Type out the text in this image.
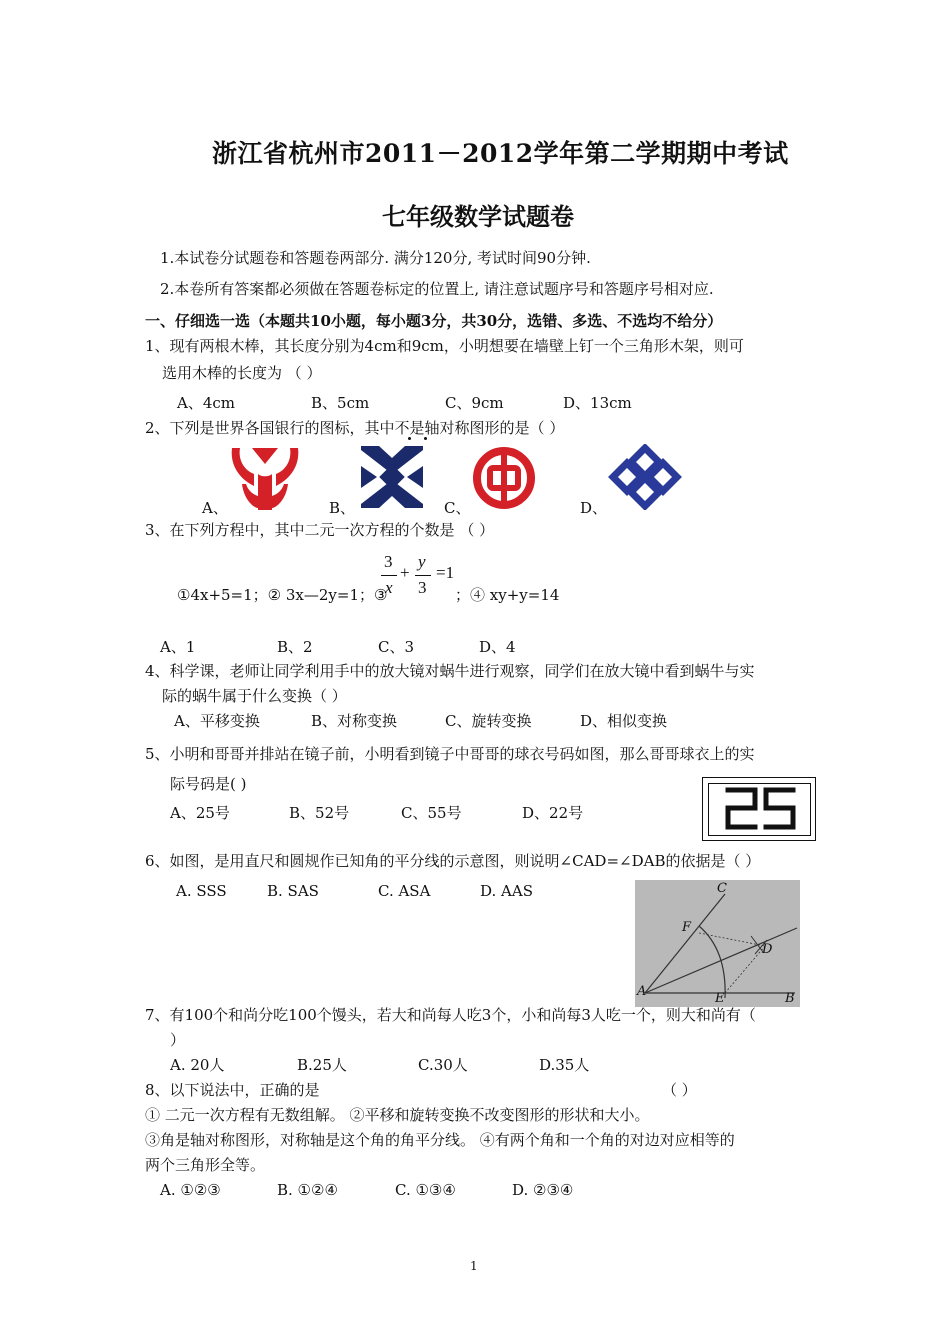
浙江省杭州市2011－2012学年第二学期期中考试
七年级数学试题卷
1.本试卷分试题卷和答题卷两部分. 满分120分, 考试时间90分钟.
2.本卷所有答案都必须做在答题卷标定的位置上, 请注意试题序号和答题序号相对应.
一、仔细选一选（本题共10小题，每小题3分，共30分，选错、多选、不选均不给分）
1、现有两根木棒，其长度分别为4cm和9cm，小明想要在墙壁上钉一个三角形木架，则可
选用木棒的长度为 （ ）
A、4cm	B、5cm	C、9cm	D、13cm
2、下列是世界各国银行的图标，其中不是轴对称图形的是（ ）
A、	B、	C、	D、
3、在下列方程中，其中二元一次方程的个数是 （ ）
①4x+5=1；② 3x—2y=1；③
3
x
+
y
3
=1
；④ xy+y=14
A、1	B、2	C、3	D、4
4、科学课，老师让同学利用手中的放大镜对蜗牛进行观察，同学们在放大镜中看到蜗牛与实
际的蜗牛属于什么变换（ ）
A、平移变换	B、对称变换	C、旋转变换	D、相似变换
5、小明和哥哥并排站在镜子前，小明看到镜子中哥哥的球衣号码如图，那么哥哥球衣上的实
际号码是( )
A、25号	B、52号	C、55号	D、22号
6、如图，是用直尺和圆规作已知角的平分线的示意图，则说明∠CAD=∠DAB的依据是（ ）
A. SSS	B. SAS	C. ASA	D. AAS	C
F
D
A	E	B
7、有100个和尚分吃100个馒头，若大和尚每人吃3个，小和尚每3人吃一个，则大和尚有（
）
A. 20人	B.25人	C.30人	D.35人
8、以下说法中，正确的是	（ ）
① 二元一次方程有无数组解。 ②平移和旋转变换不改变图形的形状和大小。
③角是轴对称图形，对称轴是这个角的角平分线。 ④有两个角和一个角的对边对应相等的
两个三角形全等。
A. ①②③	B. ①②④	C. ①③④	D. ②③④
1
